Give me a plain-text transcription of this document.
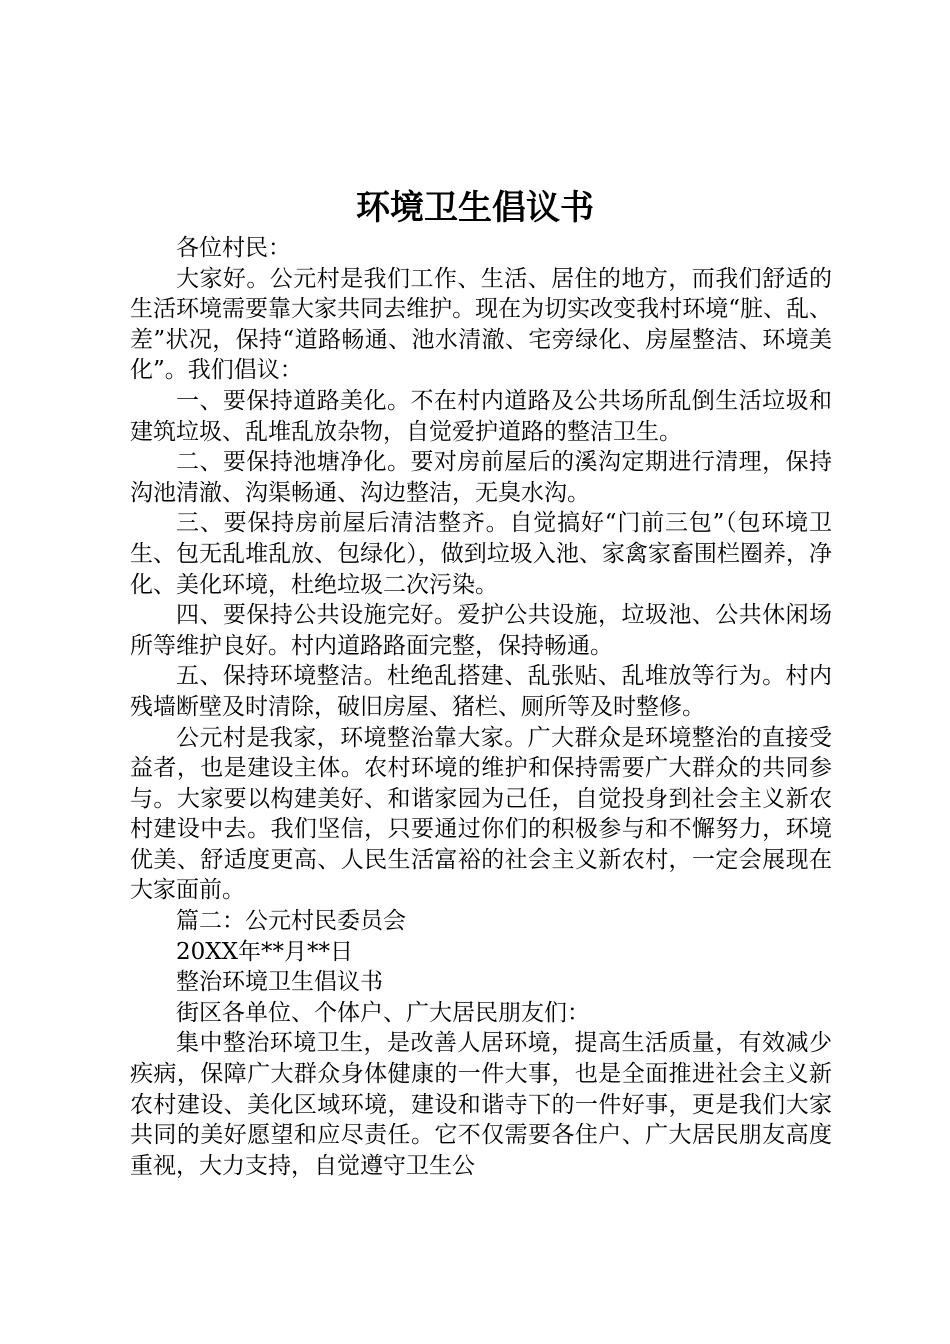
环境卫生倡议书

各位村民：

大家好。公元村是我们工作、生活、居住的地方，而我们舒适的生活环境需要靠大家共同去维护。现在为切实改变我村环境“脏、乱、差”状况，保持“道路畅通、池水清澈、宅旁绿化、房屋整洁、环境美化”。我们倡议：

一、要保持道路美化。不在村内道路及公共场所乱倒生活垃圾和建筑垃圾、乱堆乱放杂物，自觉爱护道路的整洁卫生。

二、要保持池塘净化。要对房前屋后的溪沟定期进行清理，保持沟池清澈、沟渠畅通、沟边整洁，无臭水沟。

三、要保持房前屋后清洁整齐。自觉搞好“门前三包”（包环境卫生、包无乱堆乱放、包绿化），做到垃圾入池、家禽家畜围栏圈养，净化、美化环境，杜绝垃圾二次污染。

四、要保持公共设施完好。爱护公共设施，垃圾池、公共休闲场所等维护良好。村内道路路面完整，保持畅通。

五、保持环境整洁。杜绝乱搭建、乱张贴、乱堆放等行为。村内残墙断壁及时清除，破旧房屋、猪栏、厕所等及时整修。

公元村是我家，环境整治靠大家。广大群众是环境整治的直接受益者，也是建设主体。农村环境的维护和保持需要广大群众的共同参与。大家要以构建美好、和谐家园为己任，自觉投身到社会主义新农村建设中去。我们坚信，只要通过你们的积极参与和不懈努力，环境优美、舒适度更高、人民生活富裕的社会主义新农村，一定会展现在大家面前。

篇二：公元村民委员会

20XX年**月**日

整治环境卫生倡议书

街区各单位、个体户、广大居民朋友们：

集中整治环境卫生，是改善人居环境，提高生活质量，有效减少疾病，保障广大群众身体健康的一件大事，也是全面推进社会主义新农村建设、美化区域环境，建设和谐寺下的一件好事，更是我们大家共同的美好愿望和应尽责任。它不仅需要各住户、广大居民朋友高度重视，大力支持，自觉遵守卫生公
